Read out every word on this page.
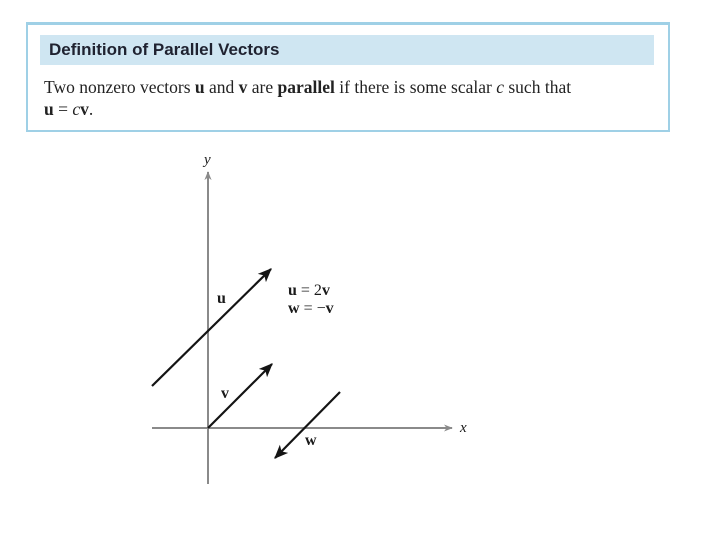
Definition of Parallel Vectors
Two nonzero vectors u and v are parallel if there is some scalar c such that
u = cv.
x
y
u
v
w
u = 2v
w = −v
